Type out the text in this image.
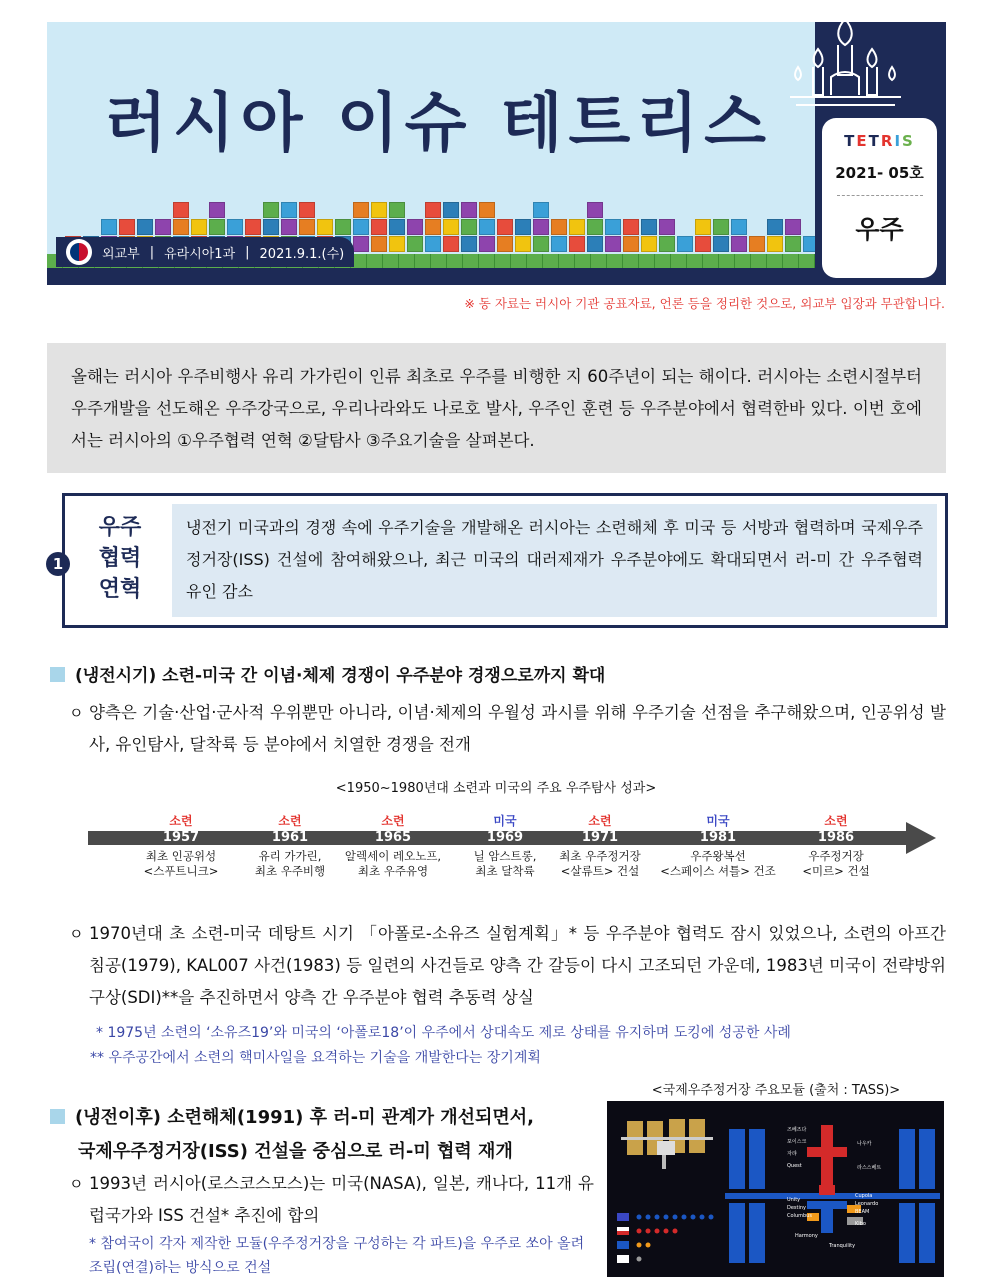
러시아 이슈 테트리스
외교부 | 유라시아1과 | 2021.9.1.(수)
TETRIS
2021- 05호
우주
※ 동 자료는 러시아 기관 공표자료, 언론 등을 정리한 것으로, 외교부 입장과 무관합니다.
올해는 러시아 우주비행사 유리 가가린이 인류 최초로 우주를 비행한 지 60주년이 되는 해이다. 러시아는 소련시절부터 우주개발을 선도해온 우주강국으로, 우리나라와도 나로호 발사, 우주인 훈련 등 우주분야에서 협력한바 있다. 이번 호에서는 러시아의 ①우주협력 연혁 ②달탐사 ③주요기술을 살펴본다.
1
우주
협력
연혁
냉전기 미국과의 경쟁 속에 우주기술을 개발해온 러시아는 소련해체 후 미국 등 서방과 협력하며 국제우주정거장(ISS) 건설에 참여해왔으나, 최근 미국의 대러제재가 우주분야에도 확대되면서 러-미 간 우주협력 유인 감소
(냉전시기) 소련-미국 간 이념·체제 경쟁이 우주분야 경쟁으로까지 확대
ㅇ 양측은 기술·산업·군사적 우위뿐만 아니라, 이념·체제의 우월성 과시를 위해 우주기술 선점을 추구해왔으며, 인공위성 발사, 유인탐사, 달착륙 등 분야에서 치열한 경쟁을 전개
<1950~1980년대 소련과 미국의 주요 우주탐사 성과>
소련
1957
최초 인공위성
<스푸트니크>
소련
1961
유리 가가린,
최초 우주비행
소련
1965
알렉세이 레오노프,
최초 우주유영
미국
1969
닐 암스트롱,
최초 달착륙
소련
1971
최초 우주정거장
<살류트> 건설
미국
1981
우주왕복선
<스페이스 셔틀> 건조
소련
1986
우주정거장
<미르> 건설
ㅇ 1970년대 초 소련-미국 데탕트 시기 「아폴로-소유즈 실험계획」* 등 우주분야 협력도 잠시 있었으나, 소련의 아프간 침공(1979), KAL007 사건(1983) 등 일련의 사건들로 양측 간 갈등이 다시 고조되던 가운데, 1983년 미국이 전략방위구상(SDI)**을 추진하면서 양측 간 우주분야 협력 추동력 상실
* 1975년 소련의 ‘소유즈19’와 미국의 ‘아폴로18’이 우주에서 상대속도 제로 상태를 유지하며 도킹에 성공한 사례
** 우주공간에서 소련의 핵미사일을 요격하는 기술을 개발한다는 장기계획
<국제우주정거장 주요모듈 (출처 : TASS)>
즈베즈다
포이스크
자랴
나우카
Quest	라스스베트
Unity
Cupola
Destiny
Leonardo
Columbus
BEAM
Kibo
Harmony
Tranquility
(냉전이후) 소련해체(1991) 후 러-미 관계가 개선되면서,
국제우주정거장(ISS) 건설을 중심으로 러-미 협력 재개
ㅇ 1993년 러시아(로스코스모스)는 미국(NASA), 일본, 캐나다, 11개 유럽국가와 ISS 건설* 추진에 합의
* 참여국이 각자 제작한 모듈(우주정거장을 구성하는 각 파트)을 우주로 쏘아 올려 조립(연결)하는 방식으로 건설
